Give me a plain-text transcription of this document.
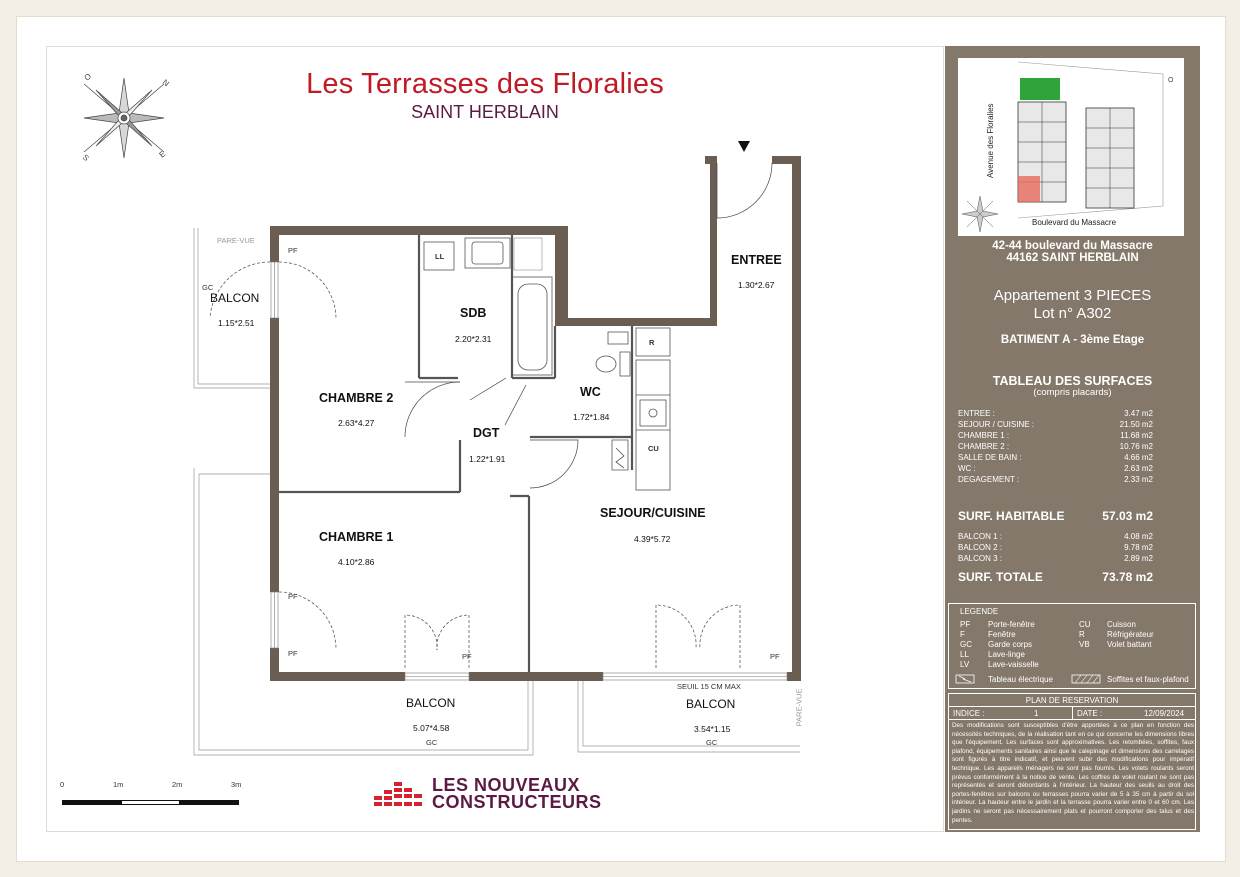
Les Terrasses des Floralies
SAINT HERBLAIN
O
N
S	E
ENTREE
1.30*2.67
SDB
2.20*2.31
LL
WC
1.72*1.84
CHAMBRE 2
2.63*4.27
DGT
1.22*1.91
SEJOUR/CUISINE
4.39*5.72
CHAMBRE 1
4.10*2.86
R
CU
PF
PF
PF	PF	PF
PARE-VUE
PARE-VUE
GC
BALCON
1.15*2.51
BALCON
5.07*4.58
GC
SEUIL 15 CM MAX
BALCON
3.54*1.15
GC
0	1m	2m	3m	LES NOUVEAUX
CONSTRUCTEURS
O
Avenue des Floralies
Boulevard du Massacre
42-44 boulevard du Massacre
44162 SAINT HERBLAIN
Appartement 3 PIECES
Lot n° A302
BATIMENT A - 3ème Etage
TABLEAU DES SURFACES
(compris placards)
ENTREE :	3.47 m2
SEJOUR / CUISINE :	21.50 m2
CHAMBRE 1 :	11.68 m2
CHAMBRE 2 :	10.76 m2
SALLE DE BAIN :	4.66 m2
WC :	2.63 m2
DEGAGEMENT :	2.33 m2
SURF. HABITABLE	57.03 m2
BALCON 1 :	4.08 m2
BALCON 2 :	9.78 m2
BALCON 3 :	2.89 m2
SURF. TOTALE	73.78 m2
LEGENDE
PF Porte-fenêtre
F	Fenêtre
GC Garde corps
LL Lave-linge
LV Lave-vaisselle
CU Cuisson
R	Réfrigérateur
VB Volet battant
Tableau électrique	Soffites et faux-plafond
PLAN DE RESERVATION
INDICE :	1	DATE :	12/09/2024
Des modifications sont susceptibles d'être apportées à ce plan en fonction des nécessités techniques, de la réalisation tant en ce qui concerne les dimensions libres que l'équipement. Les surfaces sont approximatives. Les retombées, soffites, faux plafond, équipements sanitaires ainsi que le calepinage et dimensions des carrelages sont figurés à titre indicatif, et peuvent subir des modifications pour impératif technique. Les appareils ménagers ne sont pas fournis. Les volets roulants seront prévus conformément à la notice de vente. Les coffres de volet roulant ne sont pas représentés et seront débordants à l'intérieur. La hauteur des seuils au droit des portes-fenêtres sur balcons ou terrasses pourra varier de 5 à 35 cm à partir du sol intérieur. La hauteur entre le jardin et la terrasse pourra varier entre 0 et 60 cm. Les jardins ne seront pas nécessairement plats et pourront comporter des talus et des pentes.
